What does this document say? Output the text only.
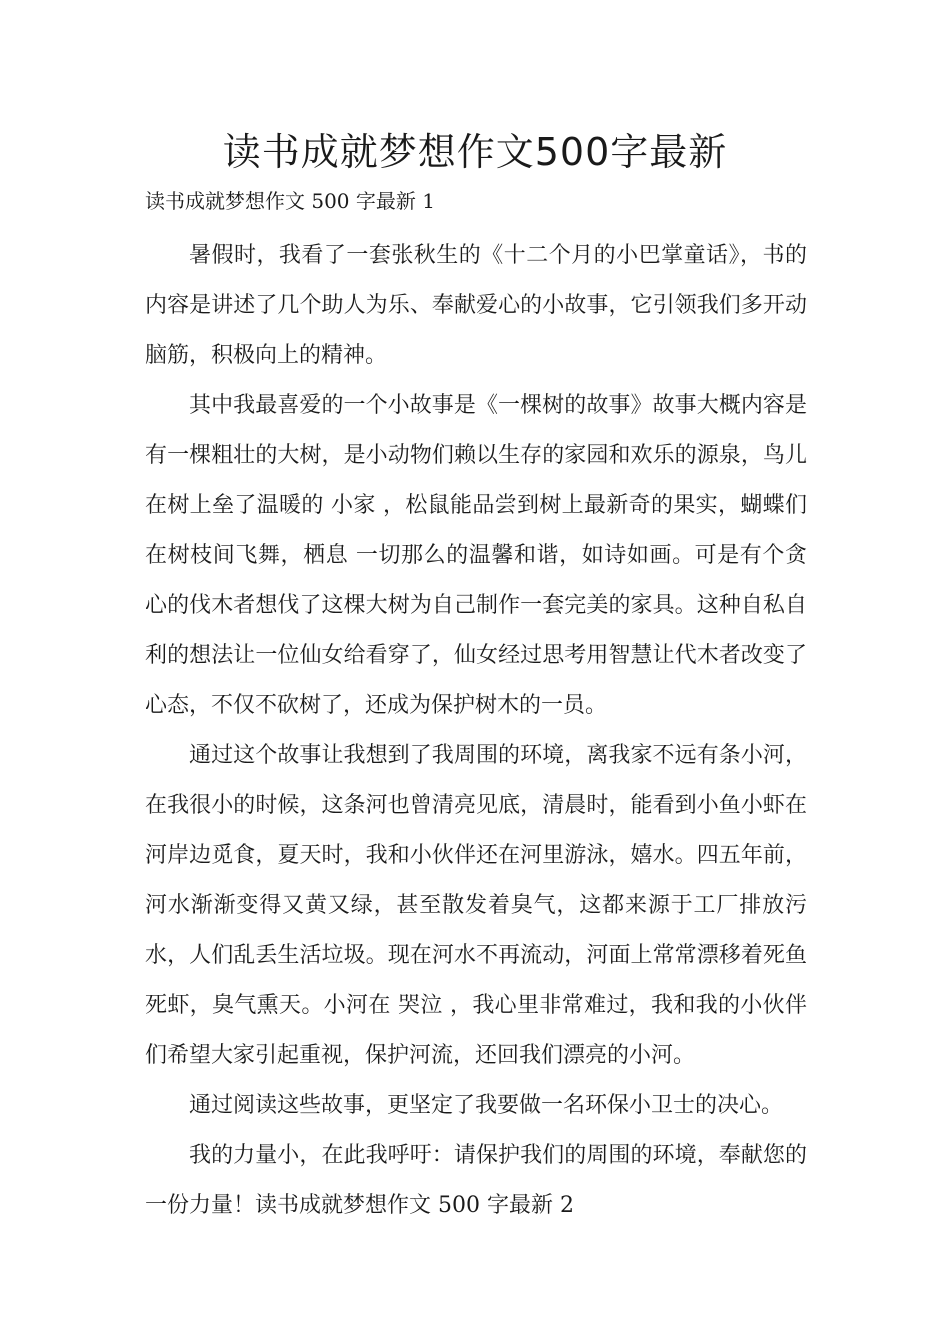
读书成就梦想作文500字最新
读书成就梦想作文 500 字最新 1

暑假时，我看了一套张秋生的《十二个月的小巴掌童话》，书的内容是讲述了几个助人为乐、奉献爱心的小故事，它引领我们多开动脑筋，积极向上的精神。

其中我最喜爱的一个小故事是《一棵树的故事》故事大概内容是有一棵粗壮的大树，是小动物们赖以生存的家园和欢乐的源泉，鸟儿在树上垒了温暖的 小家 ，松鼠能品尝到树上最新奇的果实，蝴蝶们在树枝间飞舞，栖息 一切那么的温馨和谐，如诗如画。可是有个贪心的伐木者想伐了这棵大树为自己制作一套完美的家具。这种自私自利的想法让一位仙女给看穿了，仙女经过思考用智慧让代木者改变了心态，不仅不砍树了，还成为保护树木的一员。

通过这个故事让我想到了我周围的环境，离我家不远有条小河，在我很小的时候，这条河也曾清亮见底，清晨时，能看到小鱼小虾在河岸边觅食，夏天时，我和小伙伴还在河里游泳，嬉水。四五年前，河水渐渐变得又黄又绿，甚至散发着臭气，这都来源于工厂排放污水，人们乱丢生活垃圾。现在河水不再流动，河面上常常漂移着死鱼死虾，臭气熏天。小河在 哭泣 ，我心里非常难过，我和我的小伙伴们希望大家引起重视，保护河流，还回我们漂亮的小河。

通过阅读这些故事，更坚定了我要做一名环保小卫士的决心。

我的力量小，在此我呼吁：请保护我们的周围的环境，奉献您的一份力量！读书成就梦想作文 500 字最新 2
